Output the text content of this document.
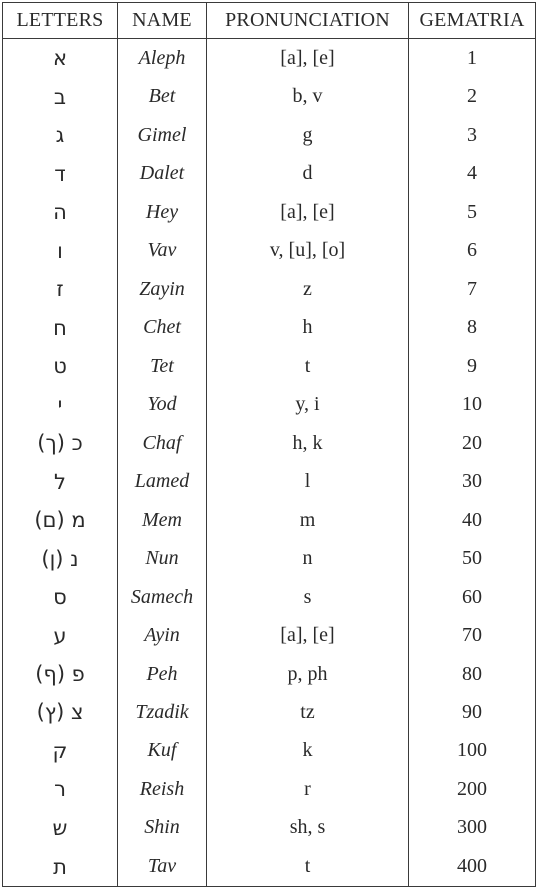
LETTERS	NAME	PRONUNCIATION	GEMATRIA
א	Aleph	[a], [e]	1
ב	Bet	b, v	2
ג	Gimel	g	3
ד	Dalet	d	4
ה	Hey	[a], [e]	5
ו	Vav	v, [u], [o]	6
ז	Zayin	z	7
ח	Chet	h	8
ט	Tet	t	9
י	Yod	y, i	10
כ (ך)	Chaf	h, k	20
ל	Lamed	l	30
מ (ם)	Mem	m	40
נ (ן)	Nun	n	50
ס	Samech	s	60
ע	Ayin	[a], [e]	70
פ (ף)	Peh	p, ph	80
צ (ץ)	Tzadik	tz	90
ק	Kuf	k	100
ר	Reish	r	200
ש	Shin	sh, s	300
ת	Tav	t	400
